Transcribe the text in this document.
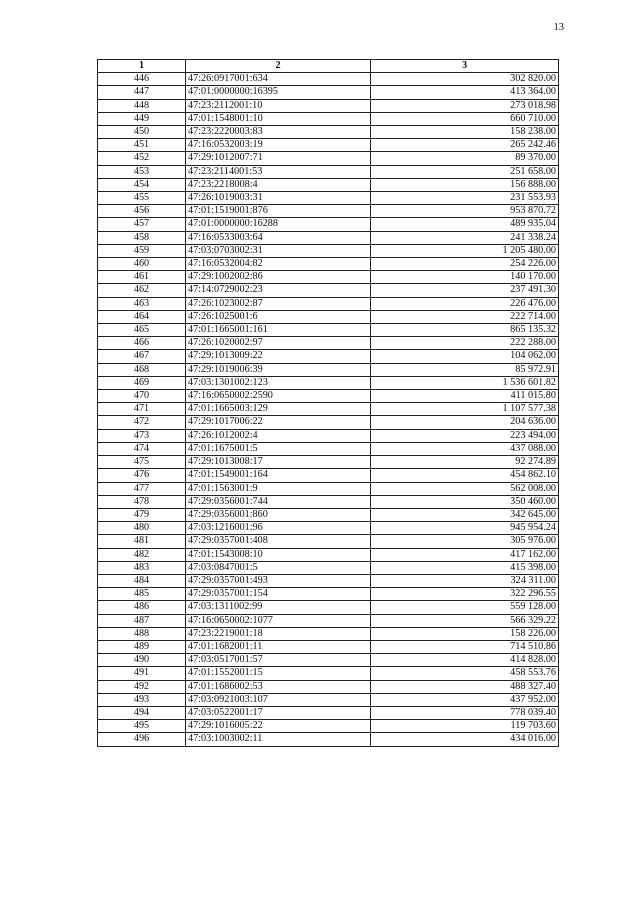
13
1	2	3
446	47:26:0917001:634	302 820.00
447	47:01:0000000:16395	413 364.00
448	47:23:2112001:10	273 018.98
449	47:01:1548001:10	660 710.00
450	47:23:2220003:83	158 238.00
451	47:16:0532003:19	265 242.46
452	47:29:1012007:71	89 370.00
453	47:23:2114001:53	251 658.00
454	47:23:2218008:4	156 888.00
455	47:26:1019003:31	231 553.93
456	47:01:1519001:876	953 870.72
457	47:01:0000000:16288	489 935.04
458	47:16:0533003:64	241 338.24
459	47:03:0703002:31	1 205 480.00
460	47:16:0532004:82	254 226.00
461	47:29:1002002:86	140 170.00
462	47:14:0729002:23	237 491.30
463	47:26:1023002:87	226 476.00
464	47:26:1025001:6	222 714.00
465	47:01:1665001:161	865 135.32
466	47:26:1020002:97	222 288.00
467	47:29:1013009:22	104 062.00
468	47:29:1019006:39	85 972.91
469	47:03:1301002:123	1 536 601.82
470	47:16:0650002:2590	411 015.80
471	47:01:1665003:129	1 107 577.38
472	47:29:1017006:22	204 636.00
473	47:26:1012002:4	223 494.00
474	47:01:1675001:5	437 088.00
475	47:29:1013008:17	92 274.89
476	47:01:1549001:164	454 862.10
477	47:01:1563001:9	562 008.00
478	47:29:0356001:744	350 460.00
479	47:29:0356001:860	342 645.00
480	47:03:1216001:96	945 954.24
481	47:29:0357001:408	305 976.00
482	47:01:1543008:10	417 162.00
483	47:03:0847001:5	415 398.00
484	47:29:0357001:493	324 311.00
485	47:29:0357001:154	322 296.55
486	47:03:1311002:99	559 128.00
487	47:16:0650002:1077	566 329.22
488	47:23:2219001:18	158 226.00
489	47:01:1682001:11	714 510.86
490	47:03:0517001:57	414 828.00
491	47:01:1552001:15	458 553.76
492	47:01:1686002:53	488 327.40
493	47:03:0921003:107	437 952.00
494	47:03:0522001:17	778 039.40
495	47:29:1016005:22	119 703.60
496	47:03:1003002:11	434 016.00
